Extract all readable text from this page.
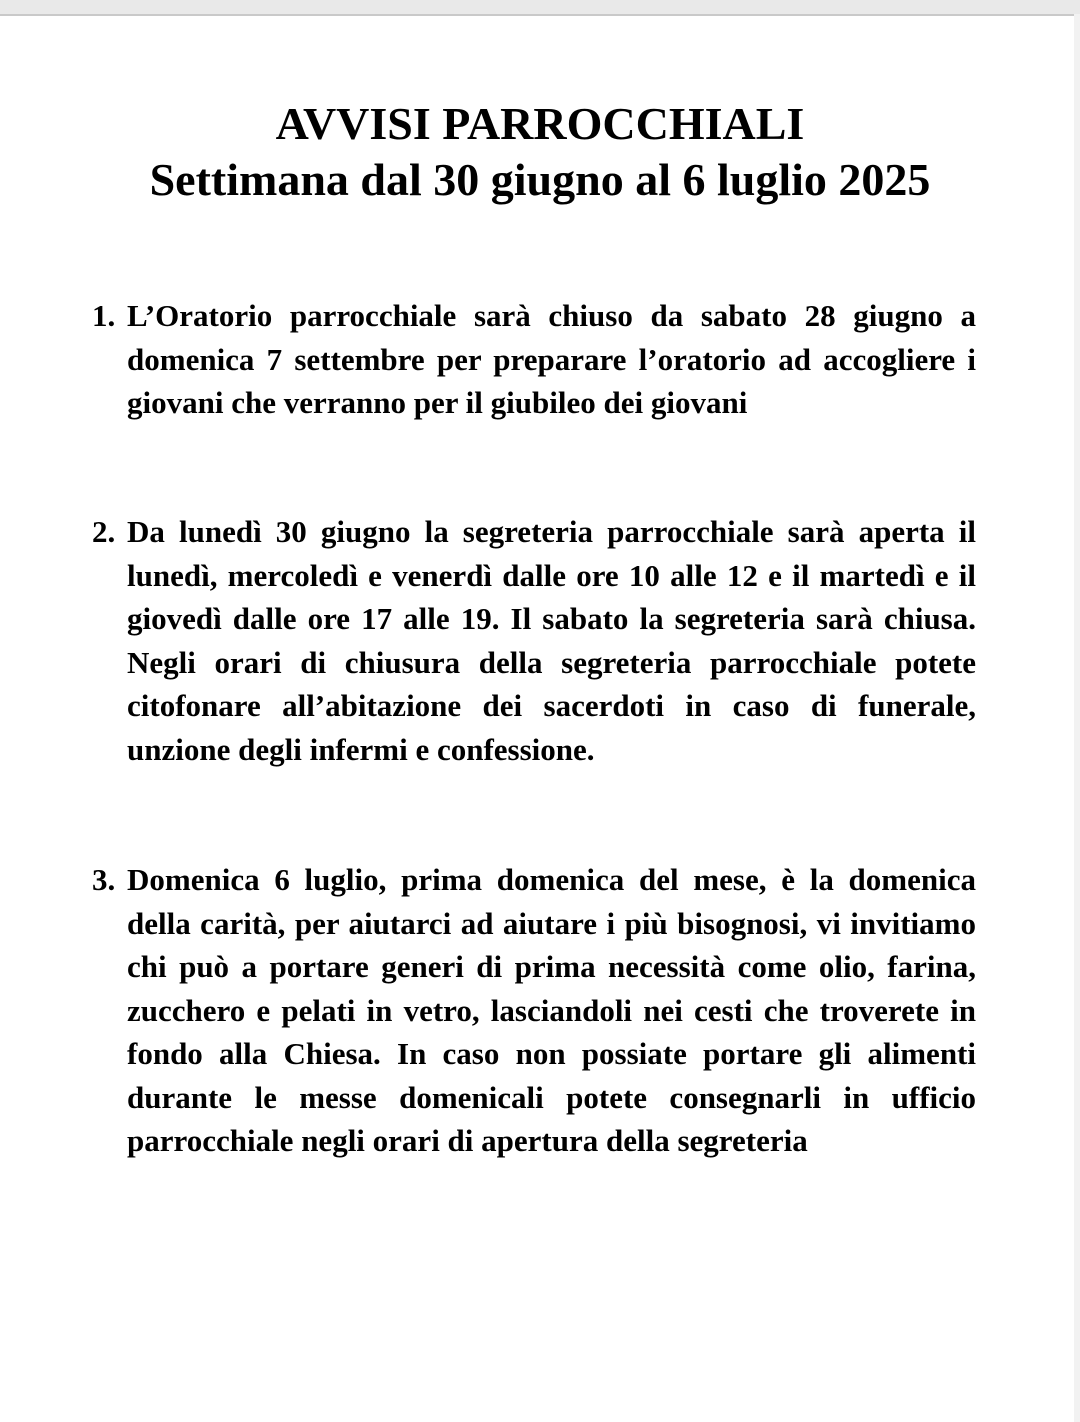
AVVISI PARROCCHIALI
Settimana dal 30 giugno al 6 luglio 2025
1. L’Oratorio parrocchiale sarà chiuso da sabato 28 giugno a domenica 7 settembre per preparare l’oratorio ad accogliere i giovani che verranno per il giubileo dei giovani
2. Da lunedì 30 giugno la segreteria parrocchiale sarà aperta il lunedì, mercoledì e venerdì dalle ore 10 alle 12 e il martedì e il giovedì dalle ore 17 alle 19. Il sabato la segreteria sarà chiusa. Negli orari di chiusura della segreteria parrocchiale potete citofonare all’abitazione dei sacerdoti in caso di funerale, unzione degli infermi e confessione.
3. Domenica 6 luglio, prima domenica del mese, è la domenica della carità, per aiutarci ad aiutare i più bisognosi, vi invitiamo chi può a portare generi di prima necessità come olio, farina, zucchero e pelati in vetro, lasciandoli nei cesti che troverete in fondo alla Chiesa. In caso non possiate portare gli alimenti durante le messe domenicali potete consegnarli in ufficio parrocchiale negli orari di apertura della segreteria
